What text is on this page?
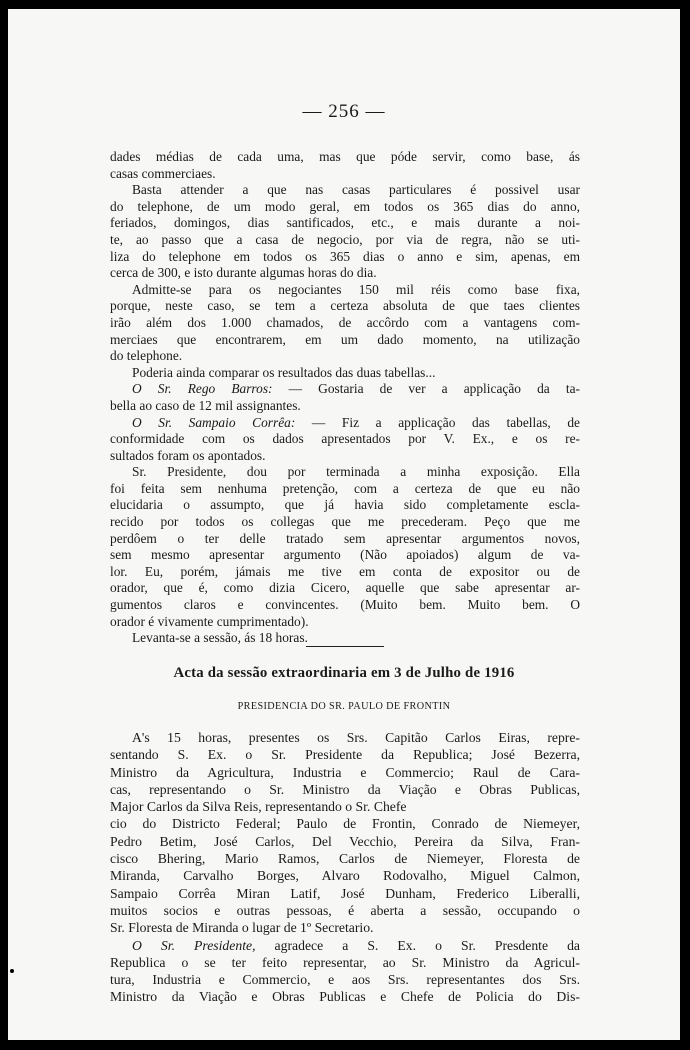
— 256 —
dades médias de cada uma, mas que póde servir, como base, ás
casas commerciaes.
Basta attender a que nas casas particulares é possivel usar
do telephone, de um modo geral, em todos os 365 dias do anno,
feriados, domingos, dias santificados, etc., e mais durante a noi-
te, ao passo que a casa de negocio, por via de regra, não se uti-
liza do telephone em todos os 365 dias o anno e sim, apenas, em
cerca de 300, e isto durante algumas horas do dia.
Admitte-se para os negociantes 150 mil réis como base fixa,
porque, neste caso, se tem a certeza absoluta de que taes clientes
irão além dos 1.000 chamados, de accôrdo com a vantagens com-
merciaes que encontrarem, em um dado momento, na utilização
do telephone.
Poderia ainda comparar os resultados das duas tabellas...
O Sr. Rego Barros: — Gostaria de ver a applicação da ta-
bella ao caso de 12 mil assignantes.
O Sr. Sampaio Corrêa: — Fiz a applicação das tabellas, de
conformidade com os dados apresentados por V. Ex., e os re-
sultados foram os apontados.
Sr. Presidente, dou por terminada a minha exposição. Ella
foi feita sem nenhuma pretenção, com a certeza de que eu não
elucidaria o assumpto, que já havia sido completamente escla-
recido por todos os collegas que me precederam. Peço que me
perdôem o ter delle tratado sem apresentar argumentos novos,
sem mesmo apresentar argumento (Não apoiados) algum de va-
lor. Eu, porém, jámais me tive em conta de expositor ou de
orador, que é, como dizia Cicero, aquelle que sabe apresentar ar-
gumentos claros e convincentes. (Muito bem. Muito bem. O
orador é vivamente cumprimentado).
Levanta-se a sessão, ás 18 horas.
Acta da sessão extraordinaria em 3 de Julho de 1916
PRESIDENCIA DO SR. PAULO DE FRONTIN
A's 15 horas, presentes os Srs. Capitão Carlos Eiras, repre-
sentando S. Ex. o Sr. Presidente da Republica; José Bezerra,
Ministro da Agricultura, Industria e Commercio; Raul de Cara-
cas, representando o Sr. Ministro da Viação e Obras Publicas,
Major Carlos da Silva Reis, representando o Sr. Chefe
cio do Districto Federal; Paulo de Frontin, Conrado de Niemeyer,
Pedro Betim, José Carlos, Del Vecchio, Pereira da Silva, Fran-
cisco Bhering, Mario Ramos, Carlos de Niemeyer, Floresta de
Miranda, Carvalho Borges, Alvaro Rodovalho, Miguel Calmon,
Sampaio Corrêa Miran Latif, José Dunham, Frederico Liberalli,
muitos socios e outras pessoas, é aberta a sessão, occupando o
Sr. Floresta de Miranda o lugar de 1º Secretario.
O Sr. Presidente, agradece a S. Ex. o Sr. Presdente da
Republica o se ter feito representar, ao Sr. Ministro da Agricul-
tura, Industria e Commercio, e aos Srs. representantes dos Srs.
Ministro da Viação e Obras Publicas e Chefe de Policia do Dis-
